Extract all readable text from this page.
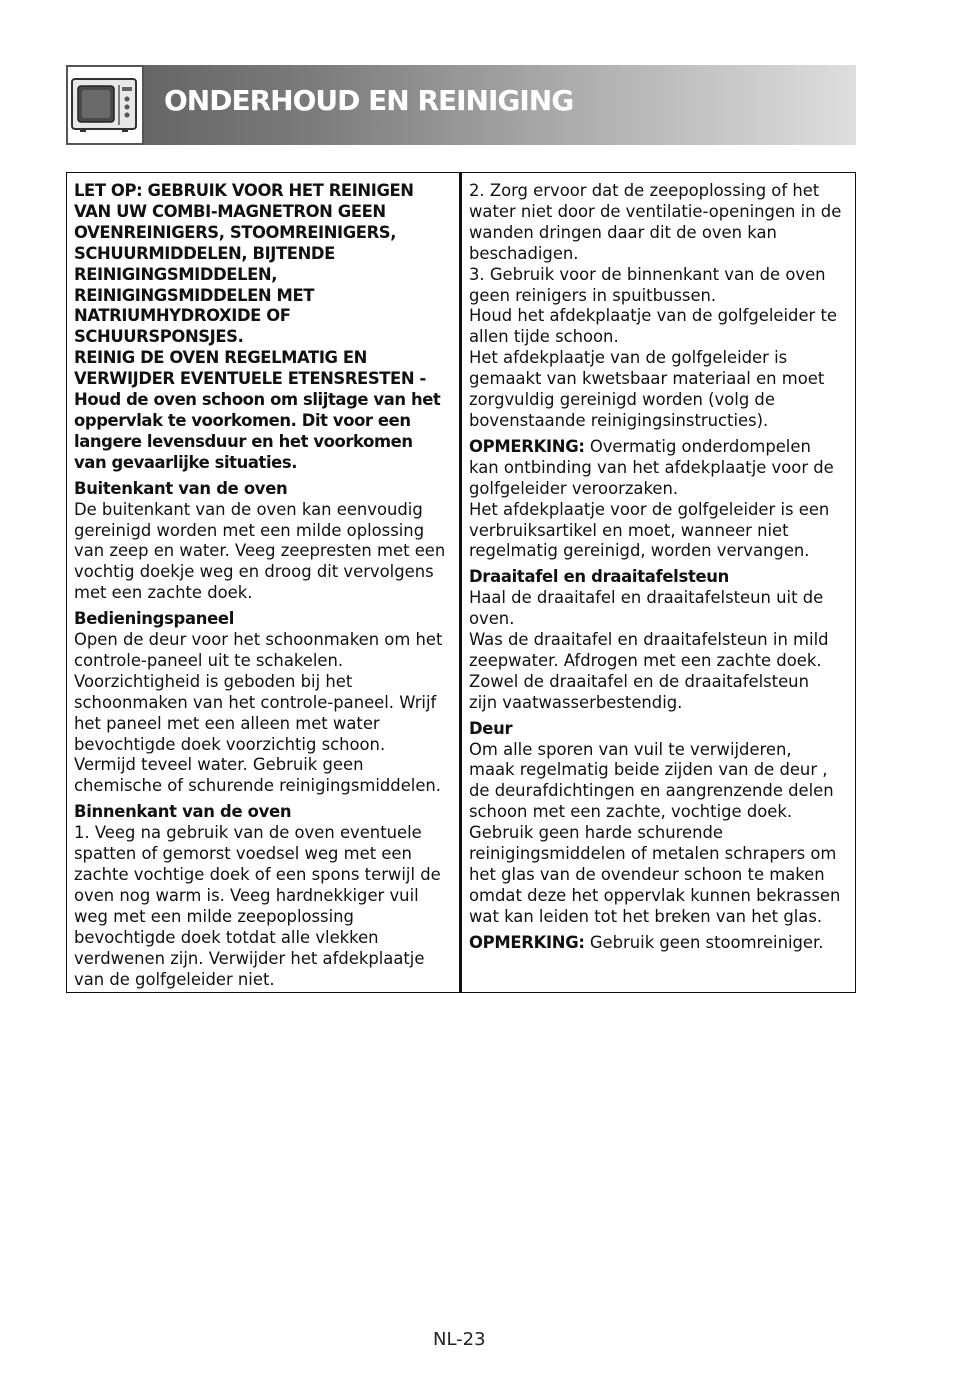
ONDERHOUD EN REINIGING

LET OP: GEBRUIK VOOR HET REINIGEN VAN UW COMBI-MAGNETRON GEEN OVENREINIGERS, STOOMREINIGERS, SCHUURMIDDELEN, BIJTENDE REINIGINGSMIDDELEN, REINIGINGSMIDDELEN MET NATRIUMHYDROXIDE OF SCHUURSPONSJES.

REINIG DE OVEN REGELMATIG EN VERWIJDER EVENTUELE ETENSRESTEN - Houd de oven schoon om slijtage van het oppervlak te voorkomen. Dit voor een langere levensduur en het voorkomen van gevaarlijke situaties.

Buitenkant van de oven

De buitenkant van de oven kan eenvoudig gereinigd worden met een milde oplossing van zeep en water. Veeg zeepresten met een vochtig doekje weg en droog dit vervolgens met een zachte doek.

Bedieningspaneel

Open de deur voor het schoonmaken om het controle-paneel uit te schakelen. Voorzichtigheid is geboden bij het schoonmaken van het controle-paneel. Wrijf het paneel met een alleen met water bevochtigde doek voorzichtig schoon.

Vermijd teveel water. Gebruik geen chemische of schurende reinigingsmiddelen.

Binnenkant van de oven

1. Veeg na gebruik van de oven eventuele spatten of gemorst voedsel weg met een zachte vochtige doek of een spons terwijl de oven nog warm is. Veeg hardnekkiger vuil weg met een milde zeepoplossing bevochtigde doek totdat alle vlekken verdwenen zijn. Verwijder het afdekplaatje van de golfgeleider niet.

2. Zorg ervoor dat de zeepoplossing of het water niet door de ventilatie-openingen in de wanden dringen daar dit de oven kan beschadigen.

3. Gebruik voor de binnenkant van de oven geen reinigers in spuitbussen.

Houd het afdekplaatje van de golfgeleider te allen tijde schoon.

Het afdekplaatje van de golfgeleider is gemaakt van kwetsbaar materiaal en moet zorgvuldig gereinigd worden (volg de bovenstaande reinigingsinstructies).

OPMERKING: Overmatig onderdompelen kan ontbinding van het afdekplaatje voor de golfgeleider veroorzaken.

Het afdekplaatje voor de golfgeleider is een verbruiksartikel en moet, wanneer niet regelmatig gereinigd, worden vervangen.

Draaitafel en draaitafelsteun

Haal de draaitafel en draaitafelsteun uit de oven.

Was de draaitafel en draaitafelsteun in mild zeepwater. Afdrogen met een zachte doek. Zowel de draaitafel en de draaitafelsteun zijn vaatwasserbestendig.

Deur

Om alle sporen van vuil te verwijderen, maak regelmatig beide zijden van de deur , de deurafdichtingen en aangrenzende delen schoon met een zachte, vochtige doek. Gebruik geen harde schurende reinigingsmiddelen of metalen schrapers om het glas van de ovendeur schoon te maken omdat deze het oppervlak kunnen bekrassen wat kan leiden tot het breken van het glas.

OPMERKING: Gebruik geen stoomreiniger.

NL-23
